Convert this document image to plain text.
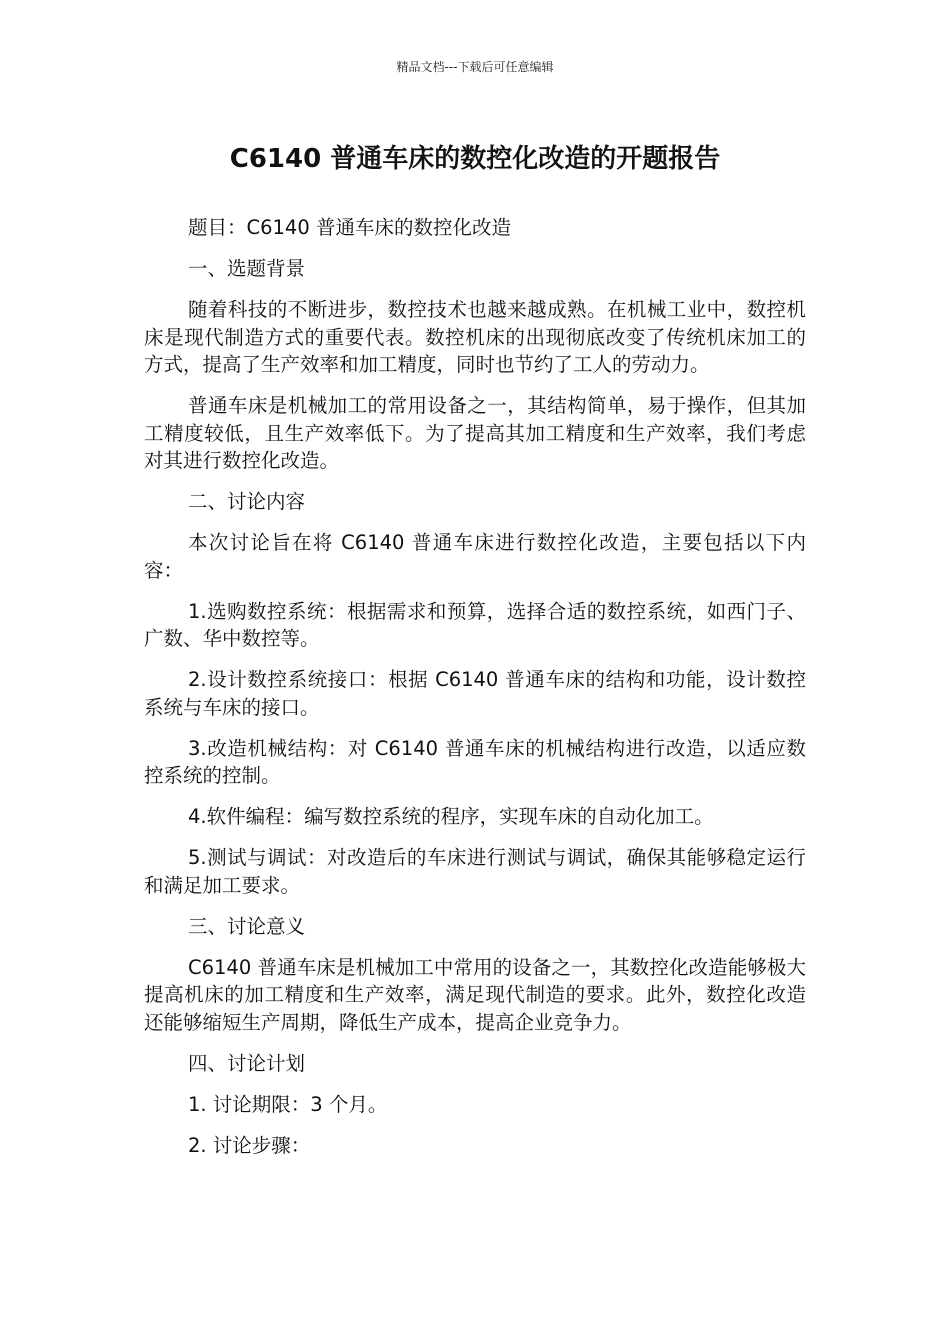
精品文档---下载后可任意编辑
C6140 普通车床的数控化改造的开题报告

题目：C6140 普通车床的数控化改造

一、选题背景

随着科技的不断进步，数控技术也越来越成熟。在机械工业中，数控机床是现代制造方式的重要代表。数控机床的出现彻底改变了传统机床加工的方式，提高了生产效率和加工精度，同时也节约了工人的劳动力。

普通车床是机械加工的常用设备之一，其结构简单，易于操作，但其加工精度较低，且生产效率低下。为了提高其加工精度和生产效率，我们考虑对其进行数控化改造。

二、讨论内容

本次讨论旨在将 C6140 普通车床进行数控化改造，主要包括以下内容：

1.选购数控系统：根据需求和预算，选择合适的数控系统，如西门子、广数、华中数控等。

2.设计数控系统接口：根据 C6140 普通车床的结构和功能，设计数控系统与车床的接口。

3.改造机械结构：对 C6140 普通车床的机械结构进行改造，以适应数控系统的控制。

4.软件编程：编写数控系统的程序，实现车床的自动化加工。

5.测试与调试：对改造后的车床进行测试与调试，确保其能够稳定运行和满足加工要求。

三、讨论意义

C6140 普通车床是机械加工中常用的设备之一，其数控化改造能够极大提高机床的加工精度和生产效率，满足现代制造的要求。此外，数控化改造还能够缩短生产周期，降低生产成本，提高企业竞争力。

四、讨论计划

1. 讨论期限：3 个月。

2. 讨论步骤：
